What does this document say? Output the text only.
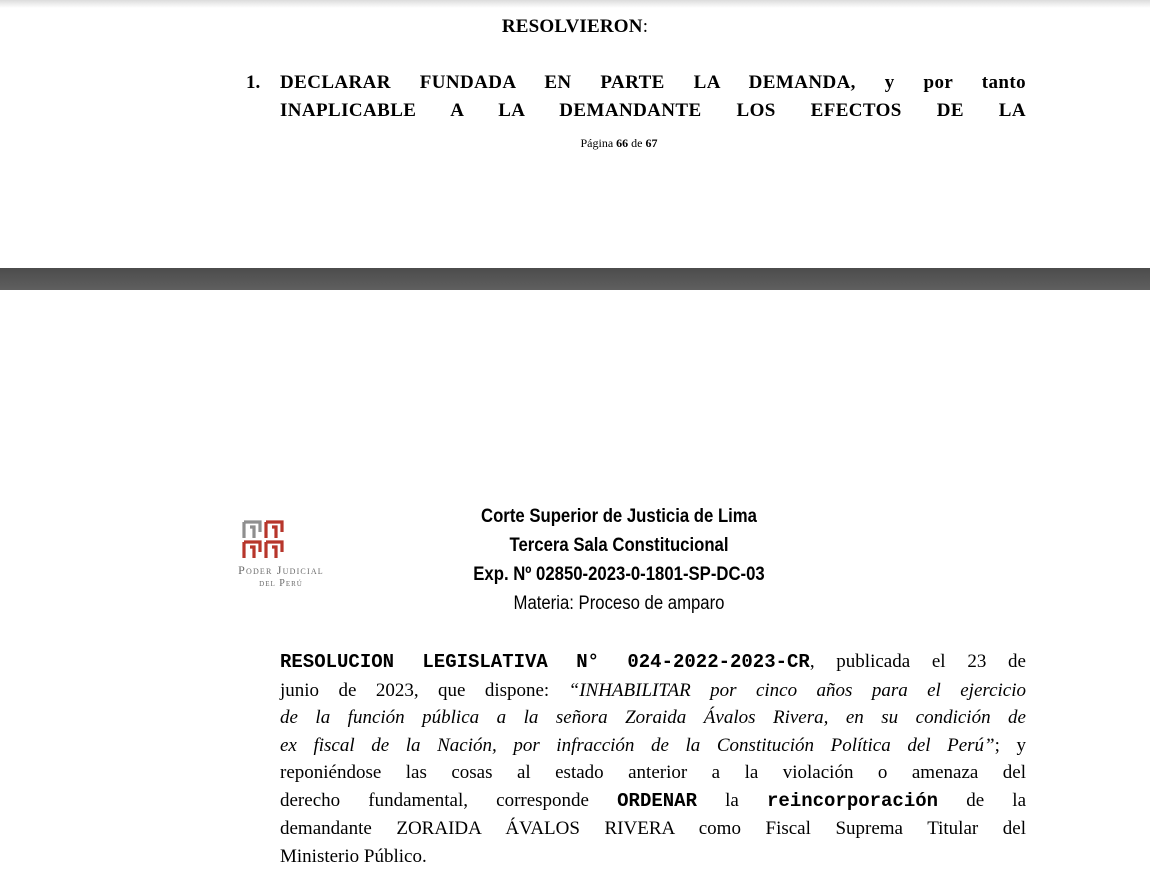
RESOLVIERON:
1. DECLARAR FUNDADA EN PARTE LA DEMANDA, y por tanto
INAPLICABLE A LA DEMANDANTE LOS EFECTOS DE LA
Página 66 de 67
Poder Judicial
del Perú
Corte Superior de Justicia de Lima
Tercera Sala Constitucional
Exp. Nº 02850-2023-0-1801-SP-DC-03
Materia: Proceso de amparo
RESOLUCION LEGISLATIVA N° 024-2022-2023-CR, publicada el 23 de
junio de 2023, que dispone: “INHABILITAR por cinco años para el ejercicio
de la función pública a la señora Zoraida Ávalos Rivera, en su condición de
ex fiscal de la Nación, por infracción de la Constitución Política del Perú”; y
reponiéndose las cosas al estado anterior a la violación o amenaza del
derecho fundamental, corresponde ORDENAR la reincorporación de la
demandante ZORAIDA ÁVALOS RIVERA como Fiscal Suprema Titular del
Ministerio Público.
